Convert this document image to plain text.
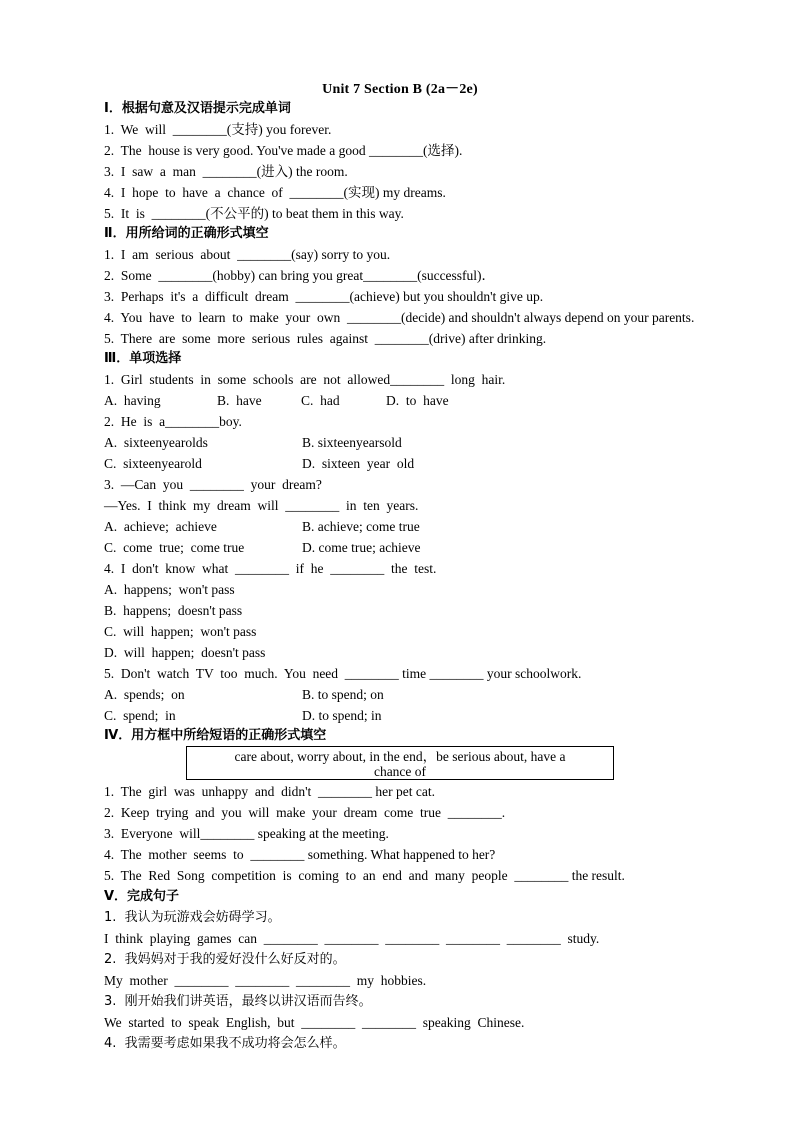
Unit 7 Section B (2a－2e)
Ⅰ．根据句意及汉语提示完成单词
1.  We  will  ________(支持) you forever.
2.  The  house is very good. You've made a good ________(选择).
3.  I  saw  a  man  ________(进入) the room.
4.  I  hope  to  have  a  chance  of  ________(实现) my dreams.
5.  It  is  ________(不公平的) to beat them in this way.
Ⅱ．用所给词的正确形式填空
1.  I  am  serious  about  ________(say) sorry to you.
2.  Some  ________(hobby) can bring you great________(successful)．
3.  Perhaps  it's  a  difficult  dream  ________(achieve) but you shouldn't give up.
4.  You  have  to  learn  to  make  your  own  ________(decide) and shouldn't always depend on your parents.
5.  There  are  some  more  serious  rules  against  ________(drive) after drinking.
Ⅲ．单项选择
1.  Girl  students  in  some  schools  are  not  allowed________  long  hair.
A.  having	B.  have	C.  had	D.  to  have
2.  He  is  a________boy.
A.  sixteenyearolds	B. sixteenyearsold
C.  sixteenyearold	D.  sixteen  year  old
3.  —Can  you  ________  your  dream?
—Yes.  I  think  my  dream  will  ________  in  ten  years.
A.  achieve;  achieve	B. achieve; come true
C.  come  true;  come true	D. come true; achieve
4.  I  don't  know  what  ________  if  he  ________  the  test.
A.  happens;  won't pass
B.  happens;  doesn't pass
C.  will  happen;  won't pass
D.  will  happen;  doesn't pass
5.  Don't  watch  TV  too  much.  You  need  ________ time ________ your schoolwork.
A.  spends;  on	B. to spend; on
C.  spend;  in	D. to spend; in
Ⅳ．用方框中所给短语的正确形式填空
care about, worry about, in the end，be serious about, have a
chance of
1.  The  girl  was  unhappy  and  didn't  ________ her pet cat.
2.  Keep  trying  and  you  will  make  your  dream  come  true  ________.
3.  Everyone  will________ speaking at the meeting.
4.  The  mother  seems  to  ________ something. What happened to her?
5.  The  Red  Song  competition  is  coming  to  an  end  and  many  people  ________ the result.
Ⅴ．完成句子
1.  我认为玩游戏会妨碍学习。
I  think  playing  games  can  ________  ________  ________  ________  ________  study.
2.  我妈妈对于我的爱好没什么好反对的。
My  mother  ________  ________  ________  my  hobbies.
3.  刚开始我们讲英语，最终以讲汉语而告终。
We  started  to  speak  English,  but  ________  ________  speaking  Chinese.
4.  我需要考虑如果我不成功将会怎么样。
